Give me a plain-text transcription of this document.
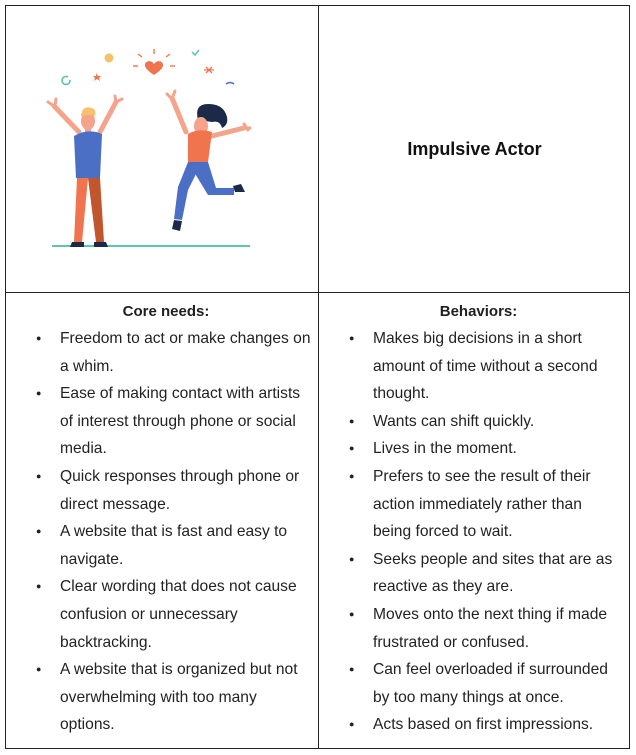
Impulsive Actor
Core needs:
● Freedom to act or make changes on a whim.
● Ease of making contact with artists of interest through phone or social media.
● Quick responses through phone or direct message.
● A website that is fast and easy to navigate.
● Clear wording that does not cause confusion or unnecessary backtracking.
● A website that is organized but not overwhelming with too many options.
Behaviors:
● Makes big decisions in a short amount of time without a second thought.
● Wants can shift quickly.
● Lives in the moment.
● Prefers to see the result of their action immediately rather than being forced to wait.
● Seeks people and sites that are as reactive as they are.
● Moves onto the next thing if made frustrated or confused.
● Can feel overloaded if surrounded by too many things at once.
● Acts based on first impressions.
